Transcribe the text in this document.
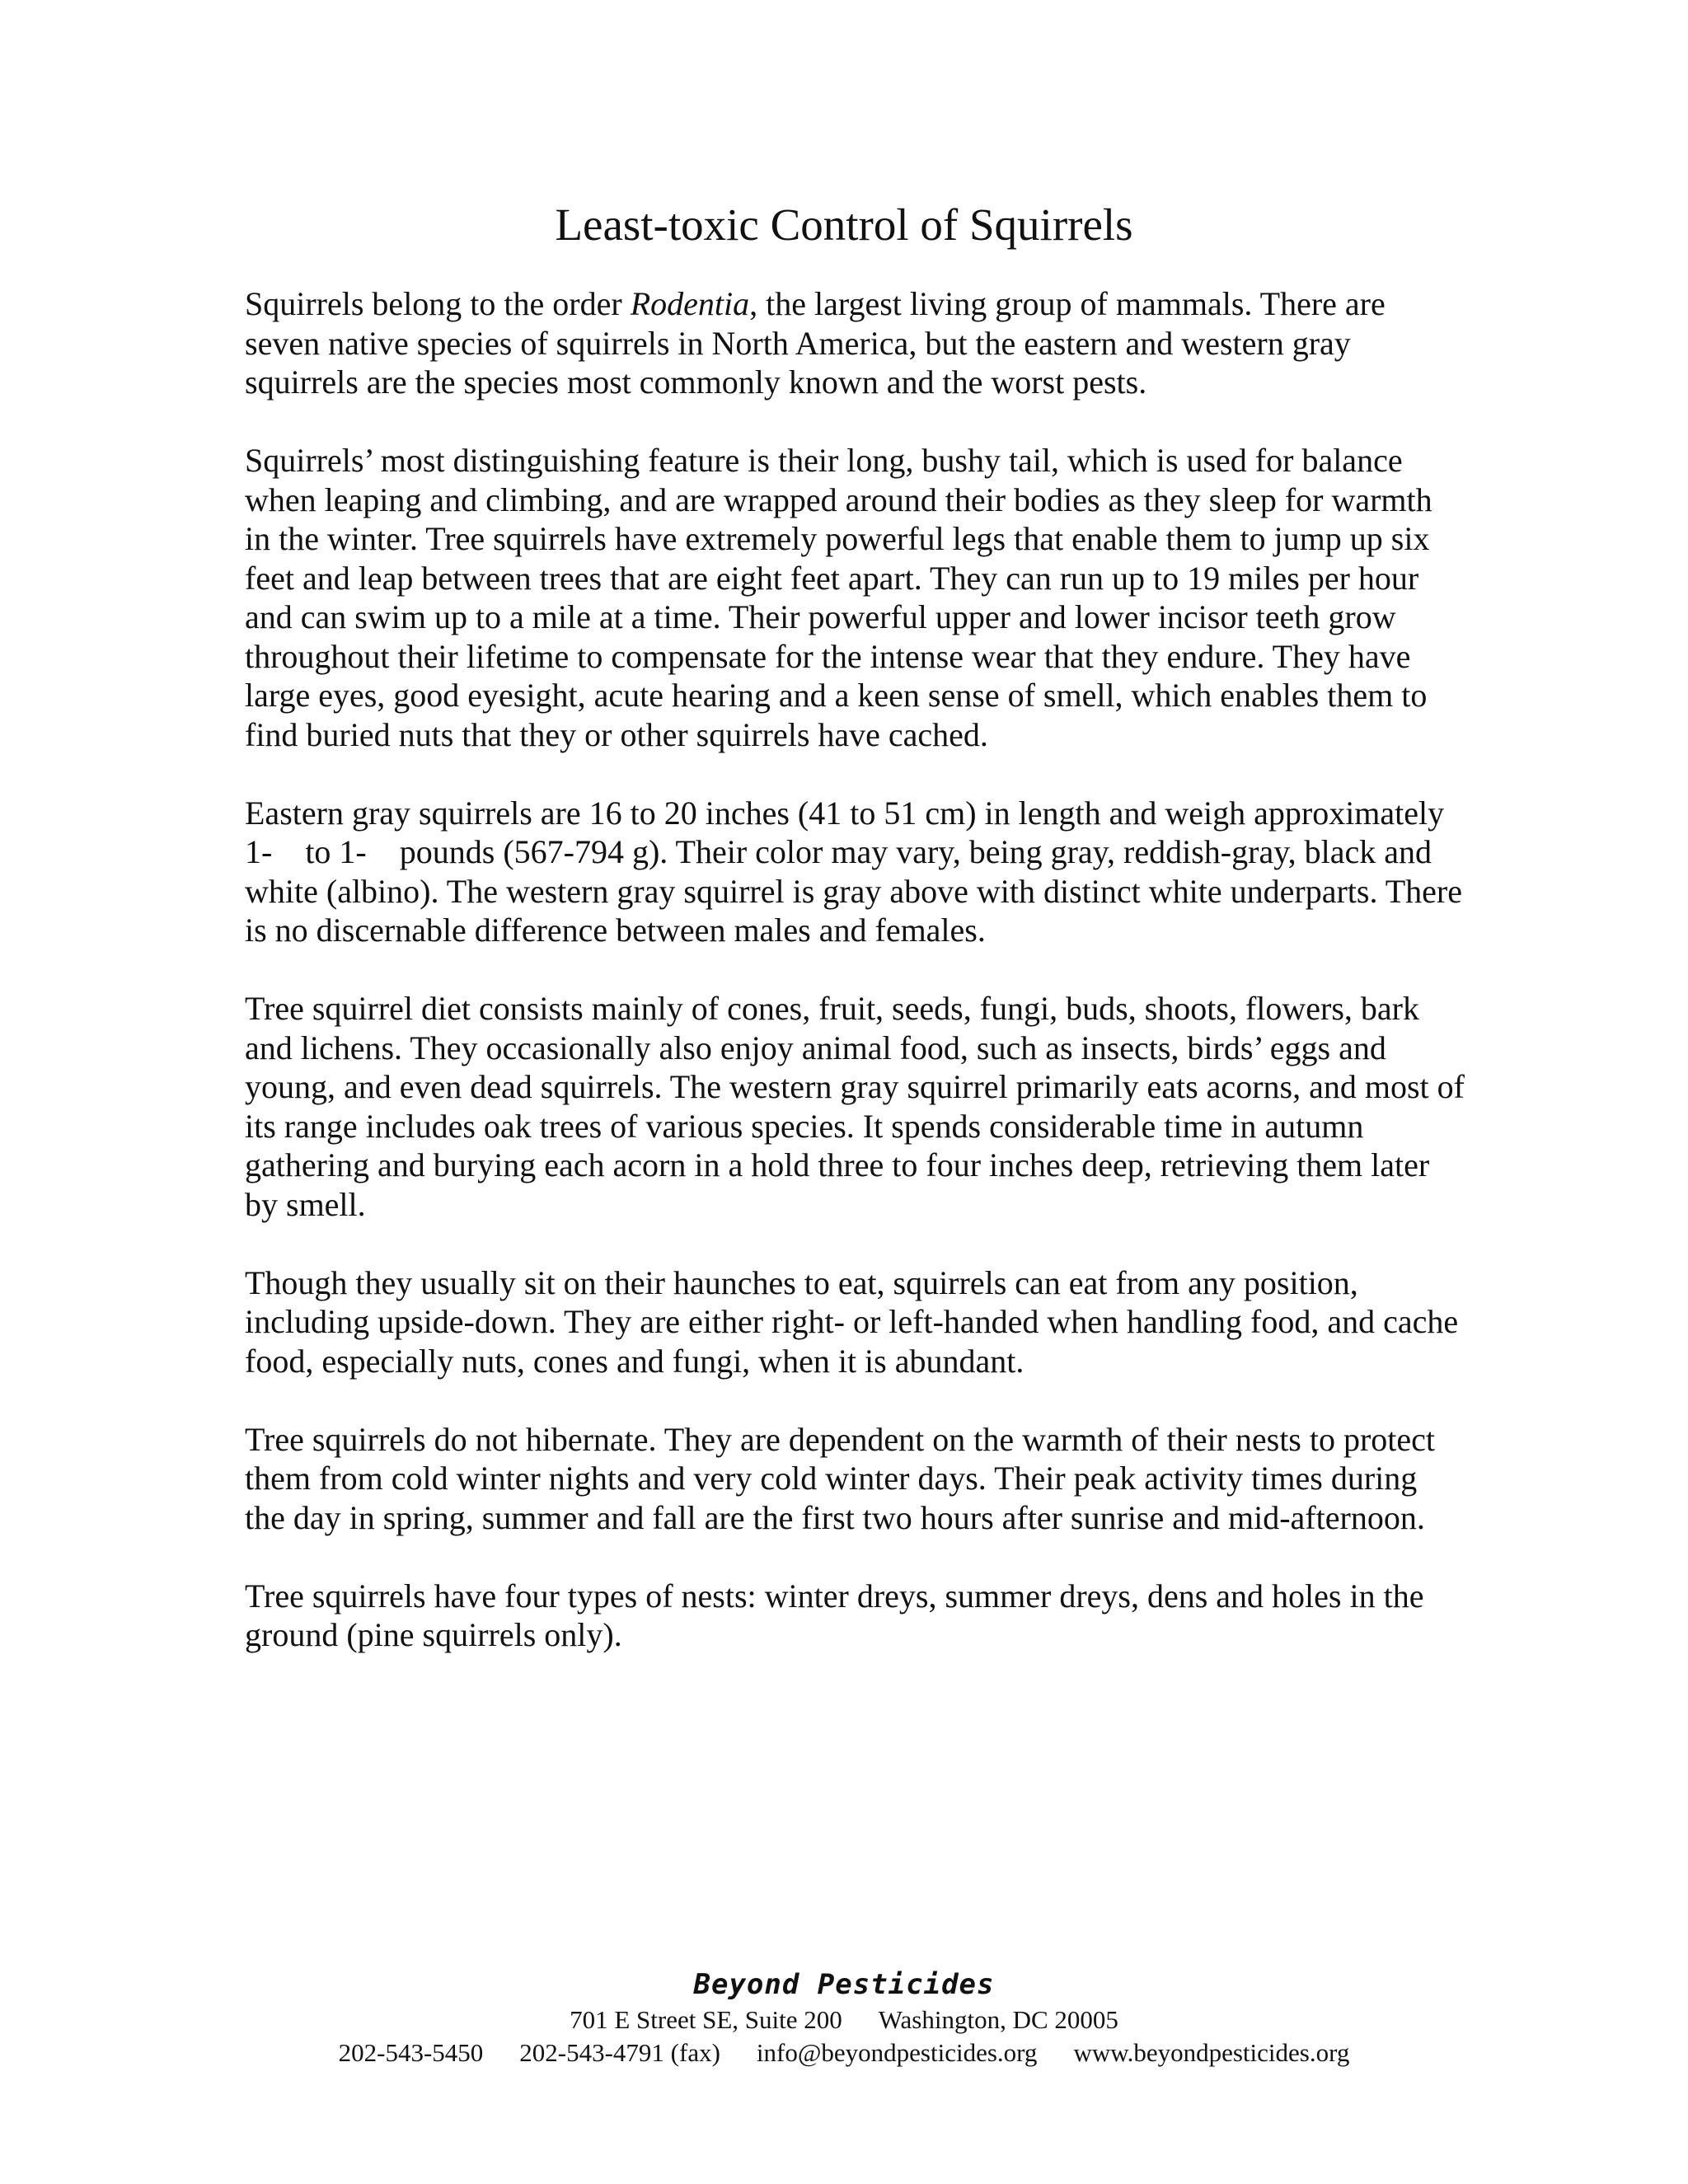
Least-toxic Control of Squirrels

Squirrels belong to the order Rodentia, the largest living group of mammals. There are seven native species of squirrels in North America, but the eastern and western gray squirrels are the species most commonly known and the worst pests.

Squirrels’ most distinguishing feature is their long, bushy tail, which is used for balance when leaping and climbing, and are wrapped around their bodies as they sleep for warmth in the winter. Tree squirrels have extremely powerful legs that enable them to jump up six feet and leap between trees that are eight feet apart. They can run up to 19 miles per hour and can swim up to a mile at a time. Their powerful upper and lower incisor teeth grow throughout their lifetime to compensate for the intense wear that they endure. They have large eyes, good eyesight, acute hearing and a keen sense of smell, which enables them to find buried nuts that they or other squirrels have cached.

Eastern gray squirrels are 16 to 20 inches (41 to 51 cm) in length and weigh approximately 1-    to 1-    pounds (567-794 g). Their color may vary, being gray, reddish-gray, black and white (albino). The western gray squirrel is gray above with distinct white underparts. There is no discernable difference between males and females.

Tree squirrel diet consists mainly of cones, fruit, seeds, fungi, buds, shoots, flowers, bark and lichens. They occasionally also enjoy animal food, such as insects, birds’ eggs and young, and even dead squirrels. The western gray squirrel primarily eats acorns, and most of its range includes oak trees of various species. It spends considerable time in autumn gathering and burying each acorn in a hold three to four inches deep, retrieving them later by smell.

Though they usually sit on their haunches to eat, squirrels can eat from any position, including upside-down. They are either right- or left-handed when handling food, and cache food, especially nuts, cones and fungi, when it is abundant.

Tree squirrels do not hibernate. They are dependent on the warmth of their nests to protect them from cold winter nights and very cold winter days. Their peak activity times during the day in spring, summer and fall are the first two hours after sunrise and mid-afternoon.

Tree squirrels have four types of nests: winter dreys, summer dreys, dens and holes in the ground (pine squirrels only).

Beyond Pesticides
701 E Street SE, Suite 200 Washington, DC 20005
202-543-5450 202-543-4791 (fax) info@beyondpesticides.org www.beyondpesticides.org
